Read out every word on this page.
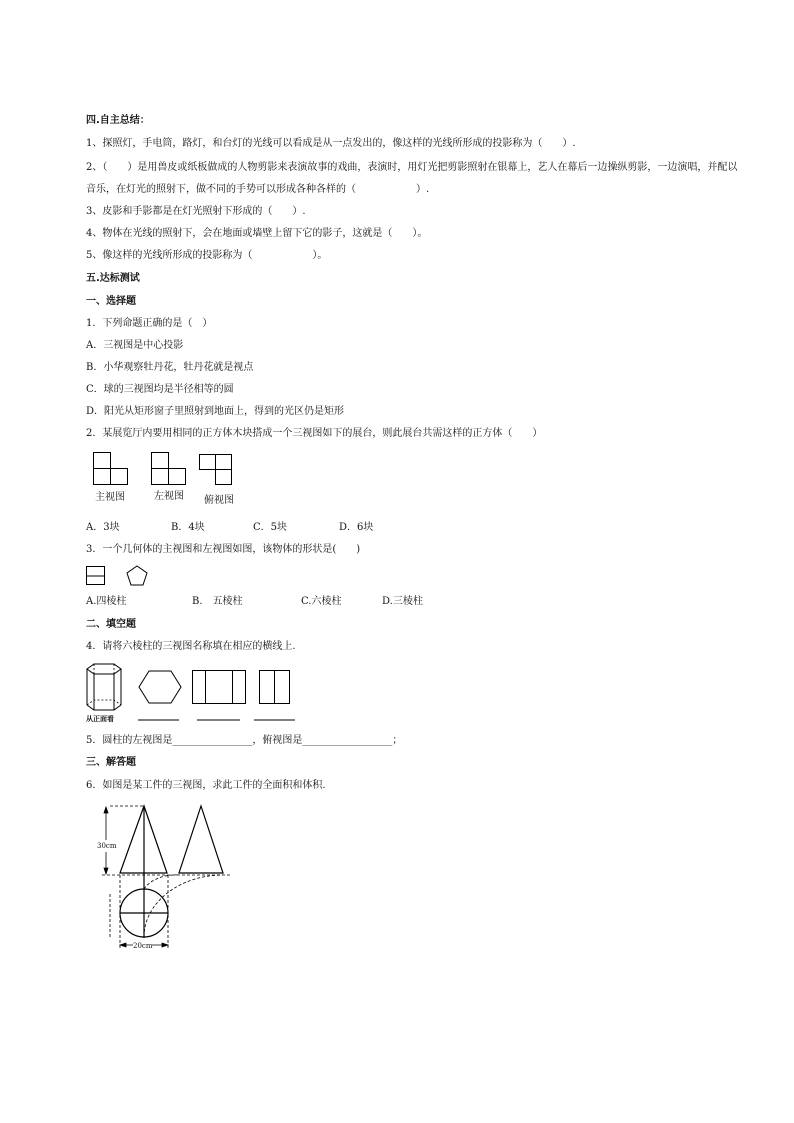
四.自主总结：
1、探照灯，手电筒，路灯，和台灯的光线可以看成是从一点发出的，像这样的光线所形成的投影称为（　　）.
2、（　　）是用兽皮或纸板做成的人物剪影来表演故事的戏曲，表演时，用灯光把剪影照射在银幕上，艺人在幕后一边操纵剪影，一边演唱，并配以
音乐，在灯光的照射下，做不同的手势可以形成各种各样的（　　　　　　）.
3、皮影和手影都是在灯光照射下形成的（　　）.
4、物体在光线的照射下，会在地面或墙壁上留下它的影子，这就是（　　）。
5、像这样的光线所形成的投影称为（　　　　　　）。
五.达标测试
一、选择题
1．下列命题正确的是（　）
A．三视图是中心投影
B．小华观察牡丹花，牡丹花就是视点
C．球的三视图均是半径相等的圆
D．阳光从矩形窗子里照射到地面上，得到的光区仍是矩形
2．某展览厅内要用相同的正方体木块搭成一个三视图如下的展台，则此展台共需这样的正方体（　　）
主视图	左视图 俯视图
A．3块	B．4块	C．5块	D．6块
3．一个几何体的主视图和左视图如图，该物体的形状是(　　)
A.四棱柱	B.　五棱柱	C.六棱柱	D.三棱柱
二、填空题
4．请将六棱柱的三视图名称填在相应的横线上.
从正面看
5．圆柱的左视图是________________，俯视图是__________________；
三、解答题
6．如图是某工件的三视图，求此工件的全面积和体积.
30cm
20cm
